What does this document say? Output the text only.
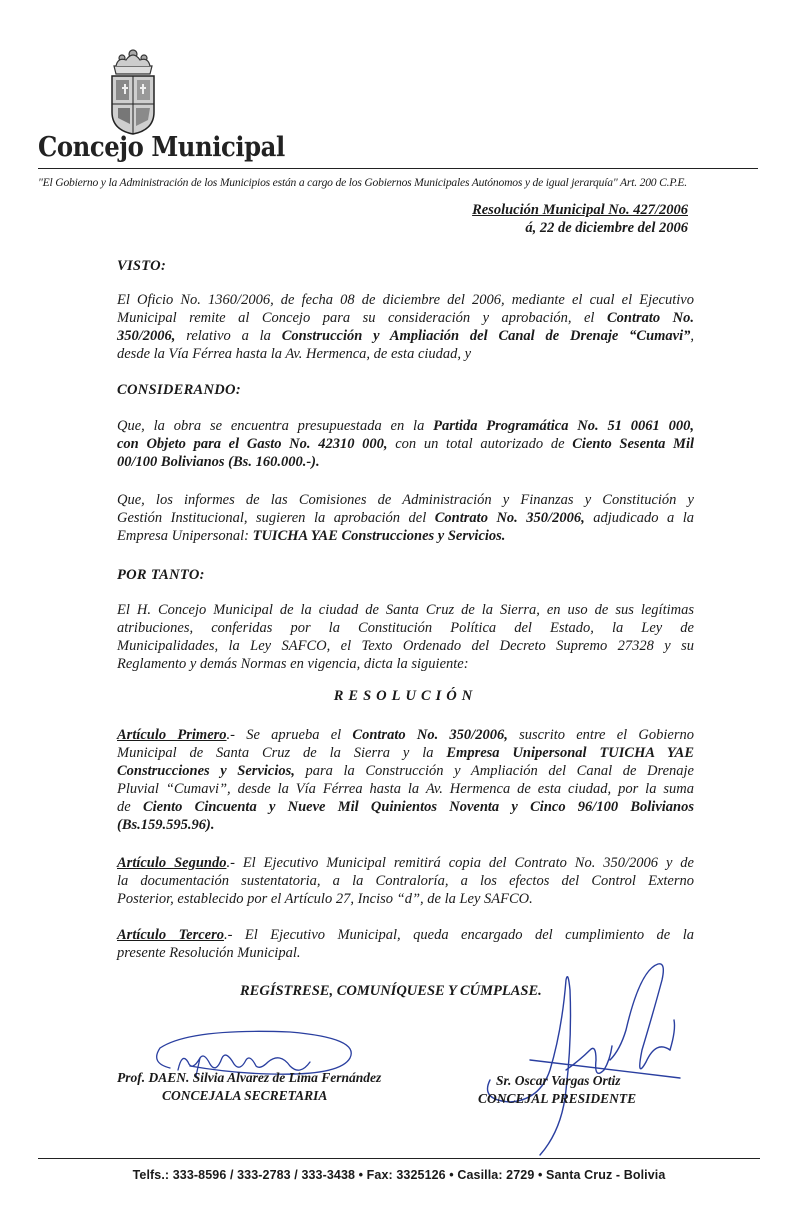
Concejo Municipal
"El Gobierno y la Administración de los Municipios están a cargo de los Gobiernos Municipales Autónomos y de igual jerarquía" Art. 200 C.P.E.
Resolución Municipal No. 427/2006
á, 22 de diciembre del 2006
VISTO:
El Oficio No. 1360/2006, de fecha 08 de diciembre del 2006, mediante el cual el Ejecutivo
Municipal remite al Concejo para su consideración y aprobación, el Contrato No.
350/2006, relativo a la Construcción y Ampliación del Canal de Drenaje “Cumavi”,
desde la Vía Férrea hasta la Av. Hermenca, de esta ciudad, y
CONSIDERANDO:
Que, la obra se encuentra presupuestada en la Partida Programática No. 51 0061 000,
con Objeto para el Gasto No. 42310 000, con un total autorizado de Ciento Sesenta Mil
00/100 Bolivianos (Bs. 160.000.-).
Que, los informes de las Comisiones de Administración y Finanzas y Constitución y
Gestión Institucional, sugieren la aprobación del Contrato No. 350/2006, adjudicado a la
Empresa Unipersonal: TUICHA YAE Construcciones y Servicios.
POR TANTO:
El H. Concejo Municipal de la ciudad de Santa Cruz de la Sierra, en uso de sus legítimas
atribuciones, conferidas por la Constitución Política del Estado, la Ley de
Municipalidades, la Ley SAFCO, el Texto Ordenado del Decreto Supremo 27328 y su
Reglamento y demás Normas en vigencia, dicta la siguiente:
RESOLUCIÓN
Artículo Primero.- Se aprueba el Contrato No. 350/2006, suscrito entre el Gobierno
Municipal de Santa Cruz de la Sierra y la Empresa Unipersonal TUICHA YAE
Construcciones y Servicios, para la Construcción y Ampliación del Canal de Drenaje
Pluvial “Cumavi”, desde la Vía Férrea hasta la Av. Hermenca de esta ciudad, por la suma
de Ciento Cincuenta y Nueve Mil Quinientos Noventa y Cinco 96/100 Bolivianos
(Bs.159.595.96).
Artículo Segundo.- El Ejecutivo Municipal remitirá copia del Contrato No. 350/2006 y de
la documentación sustentatoria, a la Contraloría, a los efectos del Control Externo
Posterior, establecido por el Artículo 27, Inciso “d”, de la Ley SAFCO.
Artículo Tercero.- El Ejecutivo Municipal, queda encargado del cumplimiento de la
presente Resolución Municipal.
REGÍSTRESE, COMUNÍQUESE Y CÚMPLASE.
Prof. DAEN. Silvia Alvarez de Lima Fernández
CONCEJALA SECRETARIA
Sr. Oscar Vargas Ortiz
CONCEJAL PRESIDENTE
Telfs.: 333-8596 / 333-2783 / 333-3438 • Fax: 3325126 • Casilla: 2729 • Santa Cruz - Bolivia
